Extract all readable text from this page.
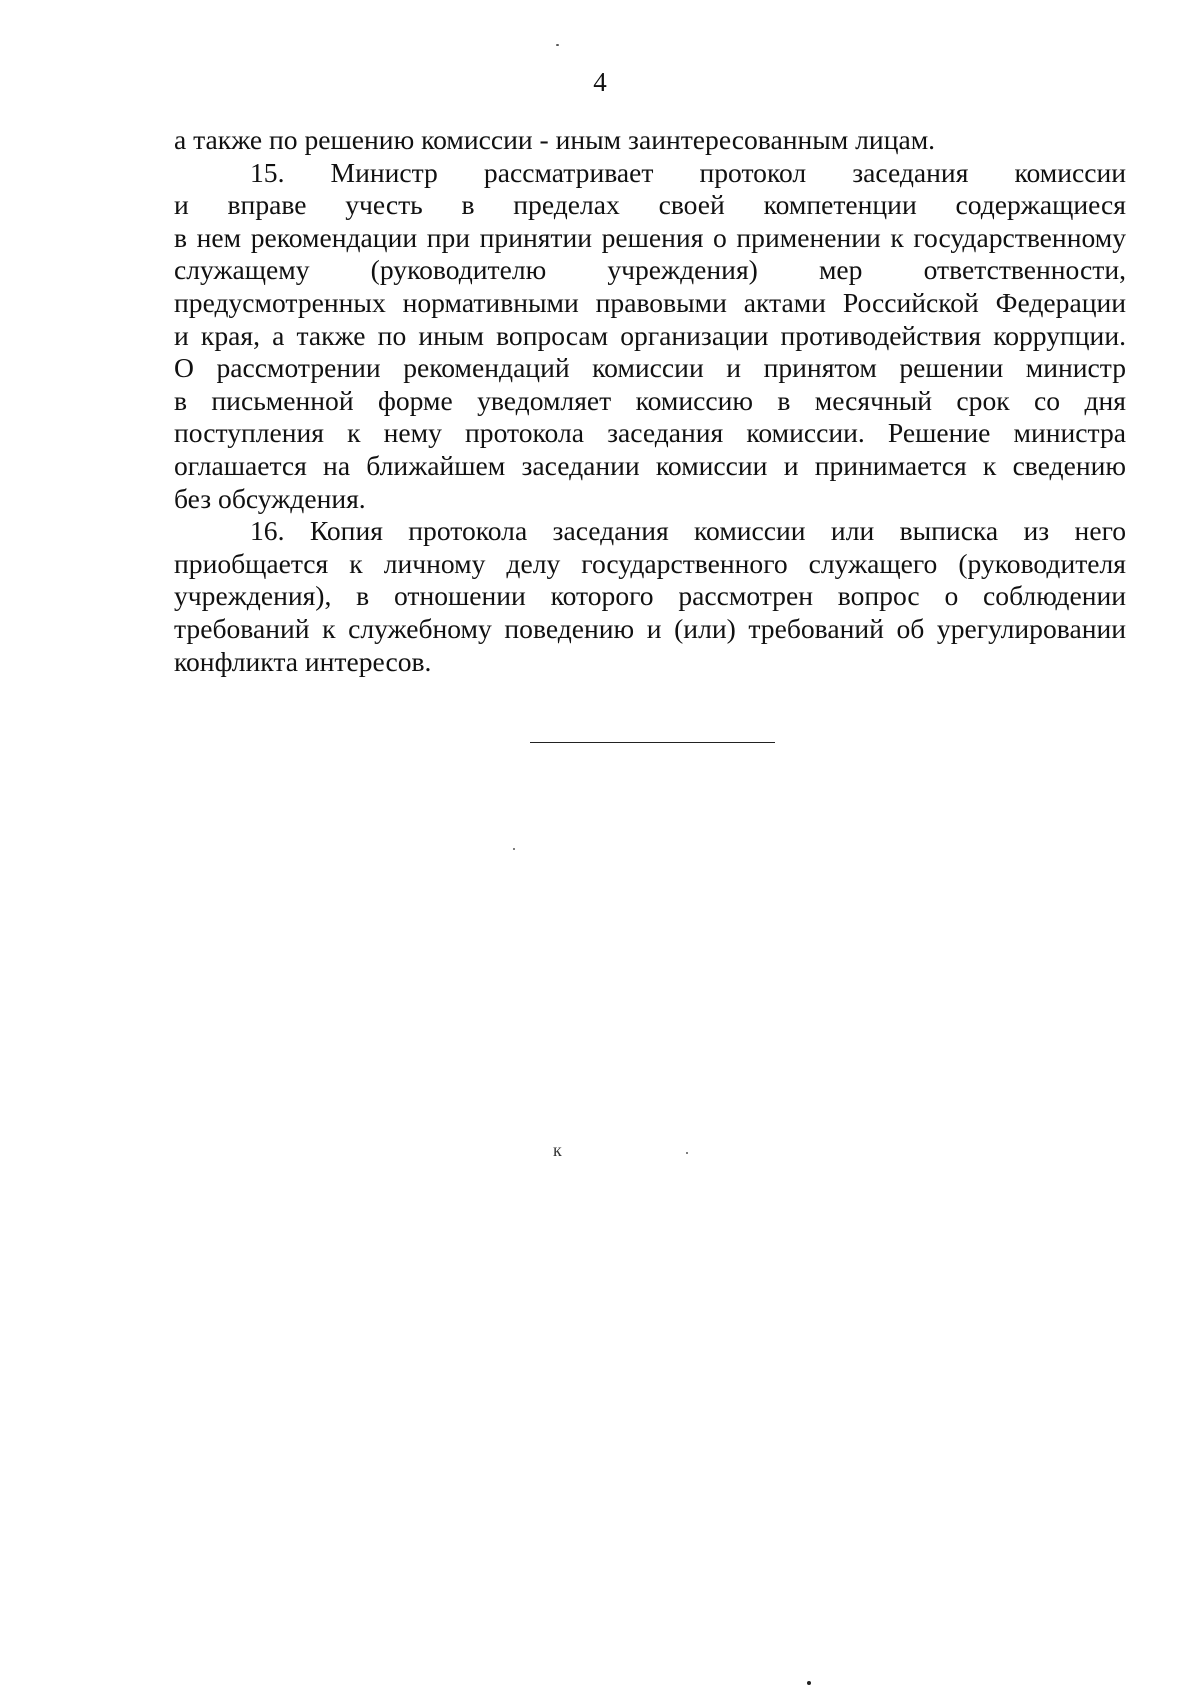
4
а также по решению комиссии - иным заинтересованным лицам.
15. Министр рассматривает протокол заседания комиссии
и вправе учесть в пределах своей компетенции содержащиеся
в нем рекомендации при принятии решения о применении к государственному
служащему (руководителю учреждения) мер ответственности,
предусмотренных нормативными правовыми актами Российской Федерации
и края, а также по иным вопросам организации противодействия коррупции.
О рассмотрении рекомендаций комиссии и принятом решении министр
в письменной форме уведомляет комиссию в месячный срок со дня
поступления к нему протокола заседания комиссии. Решение министра
оглашается на ближайшем заседании комиссии и принимается к сведению
без обсуждения.
16. Копия протокола заседания комиссии или выписка из него
приобщается к личному делу государственного служащего (руководителя
учреждения), в отношении которого рассмотрен вопрос о соблюдении
требований к служебному поведению и (или) требований об урегулировании
конфликта интересов.
к
